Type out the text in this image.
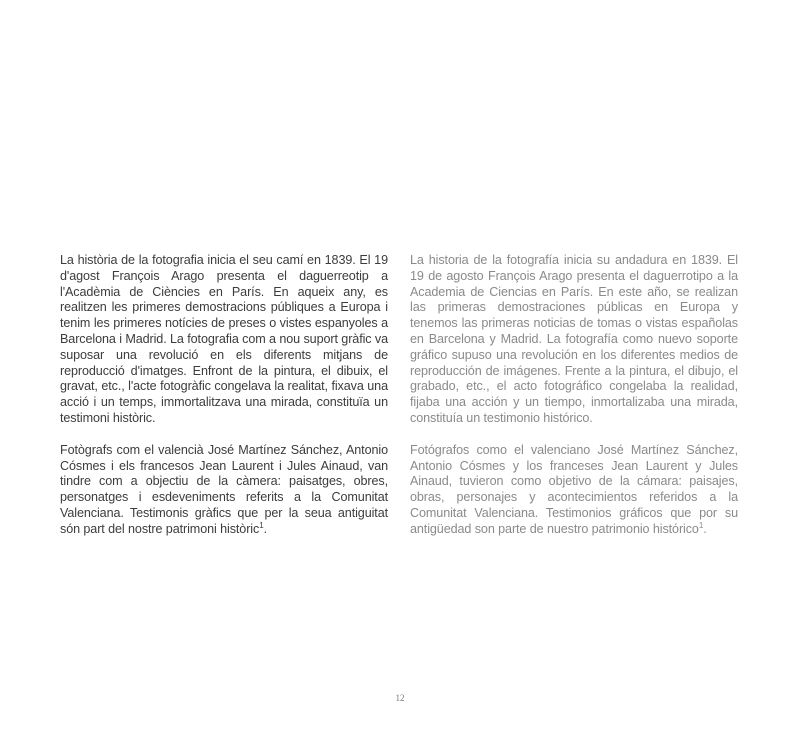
La història de la fotografia inicia el seu camí en 1839. El 19 d'agost François Arago presenta el daguerreotip a l'Acadèmia de Ciències en París. En aqueix any, es realitzen les primeres demostracions públiques a Europa i tenim les primeres notícies de preses o vistes espanyoles a Barcelona i Madrid. La fotografia com a nou suport gràfic va suposar una revolució en els diferents mitjans de reproducció d'imatges. Enfront de la pintura, el dibuix, el gravat, etc., l'acte fotogràfic congelava la realitat, fixava una acció i un temps, immortalitzava una mirada, constituïa un testimoni històric.

Fotògrafs com el valencià José Martínez Sánchez, Antonio Cósmes i els francesos Jean Laurent i Jules Ainaud, van tindre com a objectiu de la càmera: paisatges, obres, personatges i esdeveniments referits a la Comunitat Valenciana. Testimonis gràfics que per la seua antiguitat són part del nostre patrimoni històric$^1$.

La historia de la fotografía inicia su andadura en 1839. El 19 de agosto François Arago presenta el daguerrotipo a la Academia de Ciencias en París. En este año, se realizan las primeras demostraciones públicas en Europa y tenemos las primeras noticias de tomas o vistas españolas en Barcelona y Madrid. La fotografía como nuevo soporte gráfico supuso una revolución en los diferentes medios de reproducción de imágenes. Frente a la pintura, el dibujo, el grabado, etc., el acto fotográfico congelaba la realidad, fijaba una acción y un tiempo, inmortalizaba una mirada, constituía un testimonio histórico.

Fotógrafos como el valenciano José Martínez Sánchez, Antonio Cósmes y los franceses Jean Laurent y Jules Ainaud, tuvieron como objetivo de la cámara: paisajes, obras, personajes y acontecimientos referidos a la Comunitat Valenciana. Testimonios gráficos que por su antigüedad son parte de nuestro patrimonio histórico$^1$.

12
